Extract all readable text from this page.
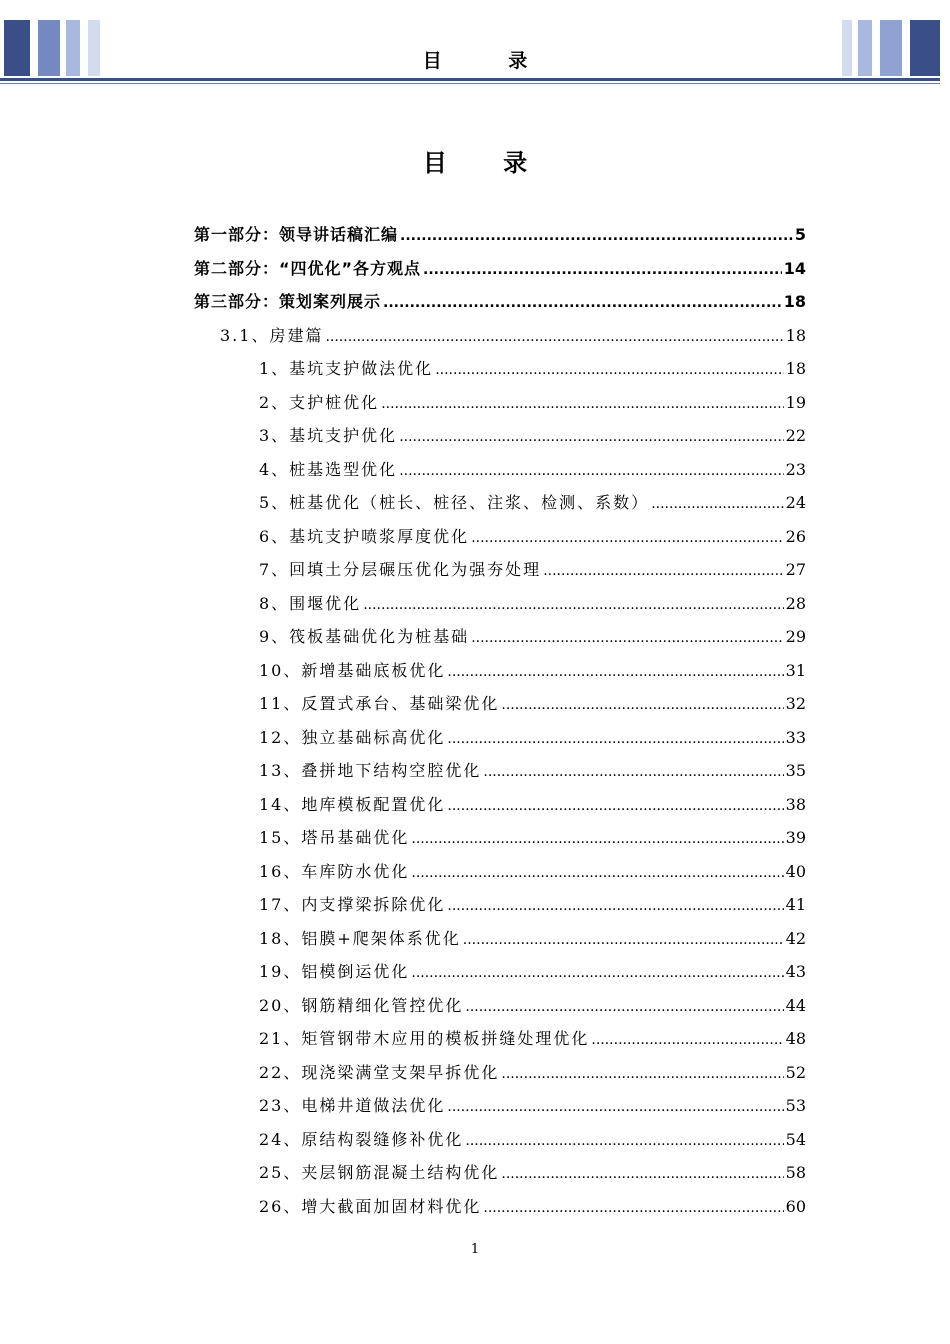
目 录
目 录
第一部分：领导讲话稿汇编 .....	5
第二部分：“四优化”各方观点 .....	14
第三部分：策划案列展示 .....	18
3.1、房建篇 .....	18
1、基坑支护做法优化 .....	18
2、支护桩优化 .....	19
3、基坑支护优化 .....	22
4、桩基选型优化 .....	23
5、桩基优化（桩长、桩径、注浆、检测、系数） .....	24
6、基坑支护喷浆厚度优化 .....	26
7、回填土分层碾压优化为强夯处理 .....	27
8、围堰优化 .....	28
9、筏板基础优化为桩基础 .....	29
10、新增基础底板优化 .....	31
11、反置式承台、基础梁优化 .....	32
12、独立基础标高优化 .....	33
13、叠拼地下结构空腔优化 .....	35
14、地库模板配置优化 .....	38
15、塔吊基础优化 .....	39
16、车库防水优化 .....	40
17、内支撑梁拆除优化 .....	41
18、铝膜+爬架体系优化 .....	42
19、铝模倒运优化 .....	43
20、钢筋精细化管控优化 .....	44
21、矩管钢带木应用的模板拼缝处理优化 .....	48
22、现浇梁满堂支架早拆优化 .....	52
23、电梯井道做法优化 .....	53
24、原结构裂缝修补优化 .....	54
25、夹层钢筋混凝土结构优化 .....	58
26、增大截面加固材料优化 .....	60
1
